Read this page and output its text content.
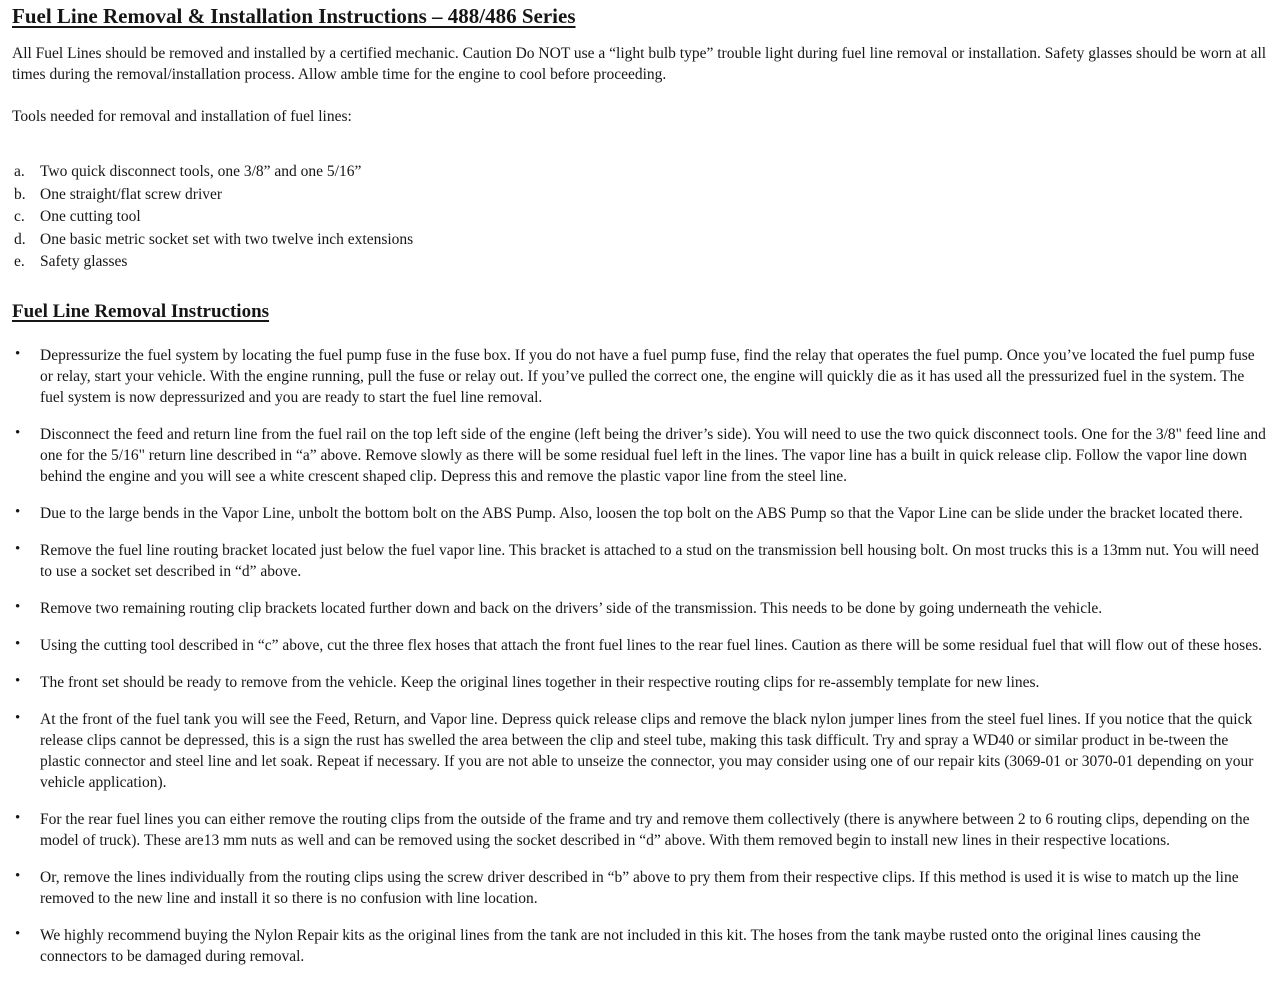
Fuel Line Removal & Installation Instructions – 488/486 Series

All Fuel Lines should be removed and installed by a certified mechanic. Caution Do NOT use a “light bulb type” trouble light during fuel line removal or installation. Safety glasses should be worn at all times during the removal/installation process. Allow amble time for the engine to cool before proceeding.

Tools needed for removal and installation of fuel lines:

a. Two quick disconnect tools, one 3/8” and one 5/16”
b. One straight/flat screw driver
c. One cutting tool
d. One basic metric socket set with two twelve inch extensions
e. Safety glasses
Fuel Line Removal Instructions
• Depressurize the fuel system by locating the fuel pump fuse in the fuse box. If you do not have a fuel pump fuse, find the relay that operates the fuel pump. Once you’ve located the fuel pump fuse or relay, start your vehicle. With the engine running, pull the fuse or relay out. If you’ve pulled the correct one, the engine will quickly die as it has used all the pressurized fuel in the system. The fuel system is now depressurized and you are ready to start the fuel line removal.
• Disconnect the feed and return line from the fuel rail on the top left side of the engine (left being the driver’s side). You will need to use the two quick disconnect tools. One for the 3/8" feed line and one for the 5/16" return line described in “a” above. Remove slowly as there will be some residual fuel left in the lines. The vapor line has a built in quick release clip. Follow the vapor line down behind the engine and you will see a white crescent shaped clip. Depress this and remove the plastic vapor line from the steel line.
• Due to the large bends in the Vapor Line, unbolt the bottom bolt on the ABS Pump. Also, loosen the top bolt on the ABS Pump so that the Vapor Line can be slide under the bracket located there.
• Remove the fuel line routing bracket located just below the fuel vapor line. This bracket is attached to a stud on the transmission bell housing bolt. On most trucks this is a 13mm nut. You will need to use a socket set described in “d” above.
• Remove two remaining routing clip brackets located further down and back on the drivers’ side of the transmission. This needs to be done by going underneath the vehicle.
• Using the cutting tool described in “c” above, cut the three flex hoses that attach the front fuel lines to the rear fuel lines. Caution as there will be some residual fuel that will flow out of these hoses.
• The front set should be ready to remove from the vehicle. Keep the original lines together in their respective routing clips for re-assembly template for new lines.
• At the front of the fuel tank you will see the Feed, Return, and Vapor line. Depress quick release clips and remove the black nylon jumper lines from the steel fuel lines. If you notice that the quick release clips cannot be depressed, this is a sign the rust has swelled the area between the clip and steel tube, making this task difficult. Try and spray a WD40 or similar product in be-tween the plastic connector and steel line and let soak. Repeat if necessary. If you are not able to unseize the connector, you may consider using one of our repair kits (3069-01 or 3070-01 depending on your vehicle application).
• For the rear fuel lines you can either remove the routing clips from the outside of the frame and try and remove them collectively (there is anywhere between 2 to 6 routing clips, depending on the model of truck). These are13 mm nuts as well and can be removed using the socket described in “d” above. With them removed begin to install new lines in their respective locations.
• Or, remove the lines individually from the routing clips using the screw driver described in “b” above to pry them from their respective clips. If this method is used it is wise to match up the line removed to the new line and install it so there is no confusion with line location.
• We highly recommend buying the Nylon Repair kits as the original lines from the tank are not included in this kit. The hoses from the tank maybe rusted onto the original lines causing the connectors to be damaged during removal.
